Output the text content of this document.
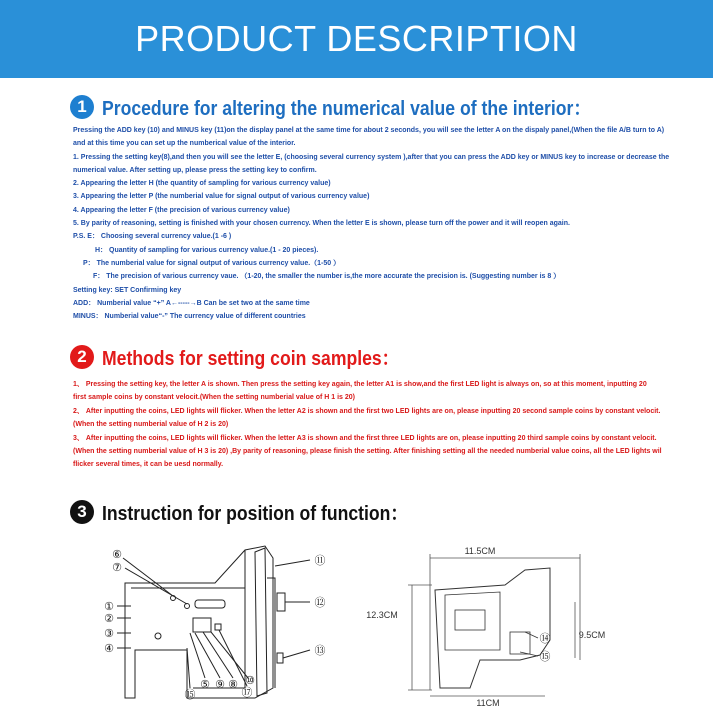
PRODUCT DESCRIPTION
1 Procedure for altering the numerical value of the interior：
Pressing the ADD key (10) and MINUS key (11)on the display panel at the same time for about 2 seconds, you will see the letter A on the dispaly panel,(When the file A/B turn to A)
and at this time you can set up the numberical value of the interior.
1. Pressing the setting key(8),and then you will see the letter E, (choosing several currency system ),after that you can press the ADD key or MINUS key to increase or decrease the
numerical value. After setting up, please press the setting key to confirm.
2. Appearing the letter H (the quantity of sampling for various currency value)
3. Appearing the letter P (the numberial value for signal output of various currency value)
4. Appearing the letter F (the precision of various currency value)
5. By parity of reasoning, setting is finished with your chosen currency. When the letter E is shown, please turn off the power and it will reopen again.
P.S. E： Choosing several currency value.(1 -6 )
H： Quantity of sampling for various currency value.(1 - 20 pieces).
P： The numberial value for signal output of various currency value.（1-50 ）
F： The precision of various currency vaue. （1-20, the smaller the number is,the more accurate the precision is. (Suggesting number is 8 ）
Setting key: SET Confirming key
ADD： Numberial value “+” A←-----→B Can be set two at the same time
MINUS： Numberial value“-” The currency value of different countries
2 Methods for setting coin samples：
1、 Pressing the setting key, the letter A is shown. Then press the setting key again, the letter A1 is show,and the first LED light is always on, so at this moment, inputting 20
first sample coins by constant velocit.(When the setting numberial value of H 1 is 20)
2、 After inputting the coins, LED lights will flicker. When the letter A2 is shown and the first two LED lights are on, please inputting 20 second sample coins by constant velocit.
(When the setting numberial value of H 2 is 20)
3、 After inputting the coins, LED lights will flicker. When the letter A3 is shown and the first three LED lights are on, please inputting 20 third sample coins by constant velocit.
(When the setting numberial value of H 3 is 20) ,By parity of reasoning, please finish the setting. After finishing setting all the needed numberial value coins, all the LED lights wil
flicker several times, it can be uesd normally.
3 Instruction for position of function：
①
②
③
④
⑤
⑥
⑦
⑧
⑨ ⑩
⑪
⑫
⑬
⑮	⑰
11.5CM
12.3CM
9.5CM
11CM
⑭
⑮
